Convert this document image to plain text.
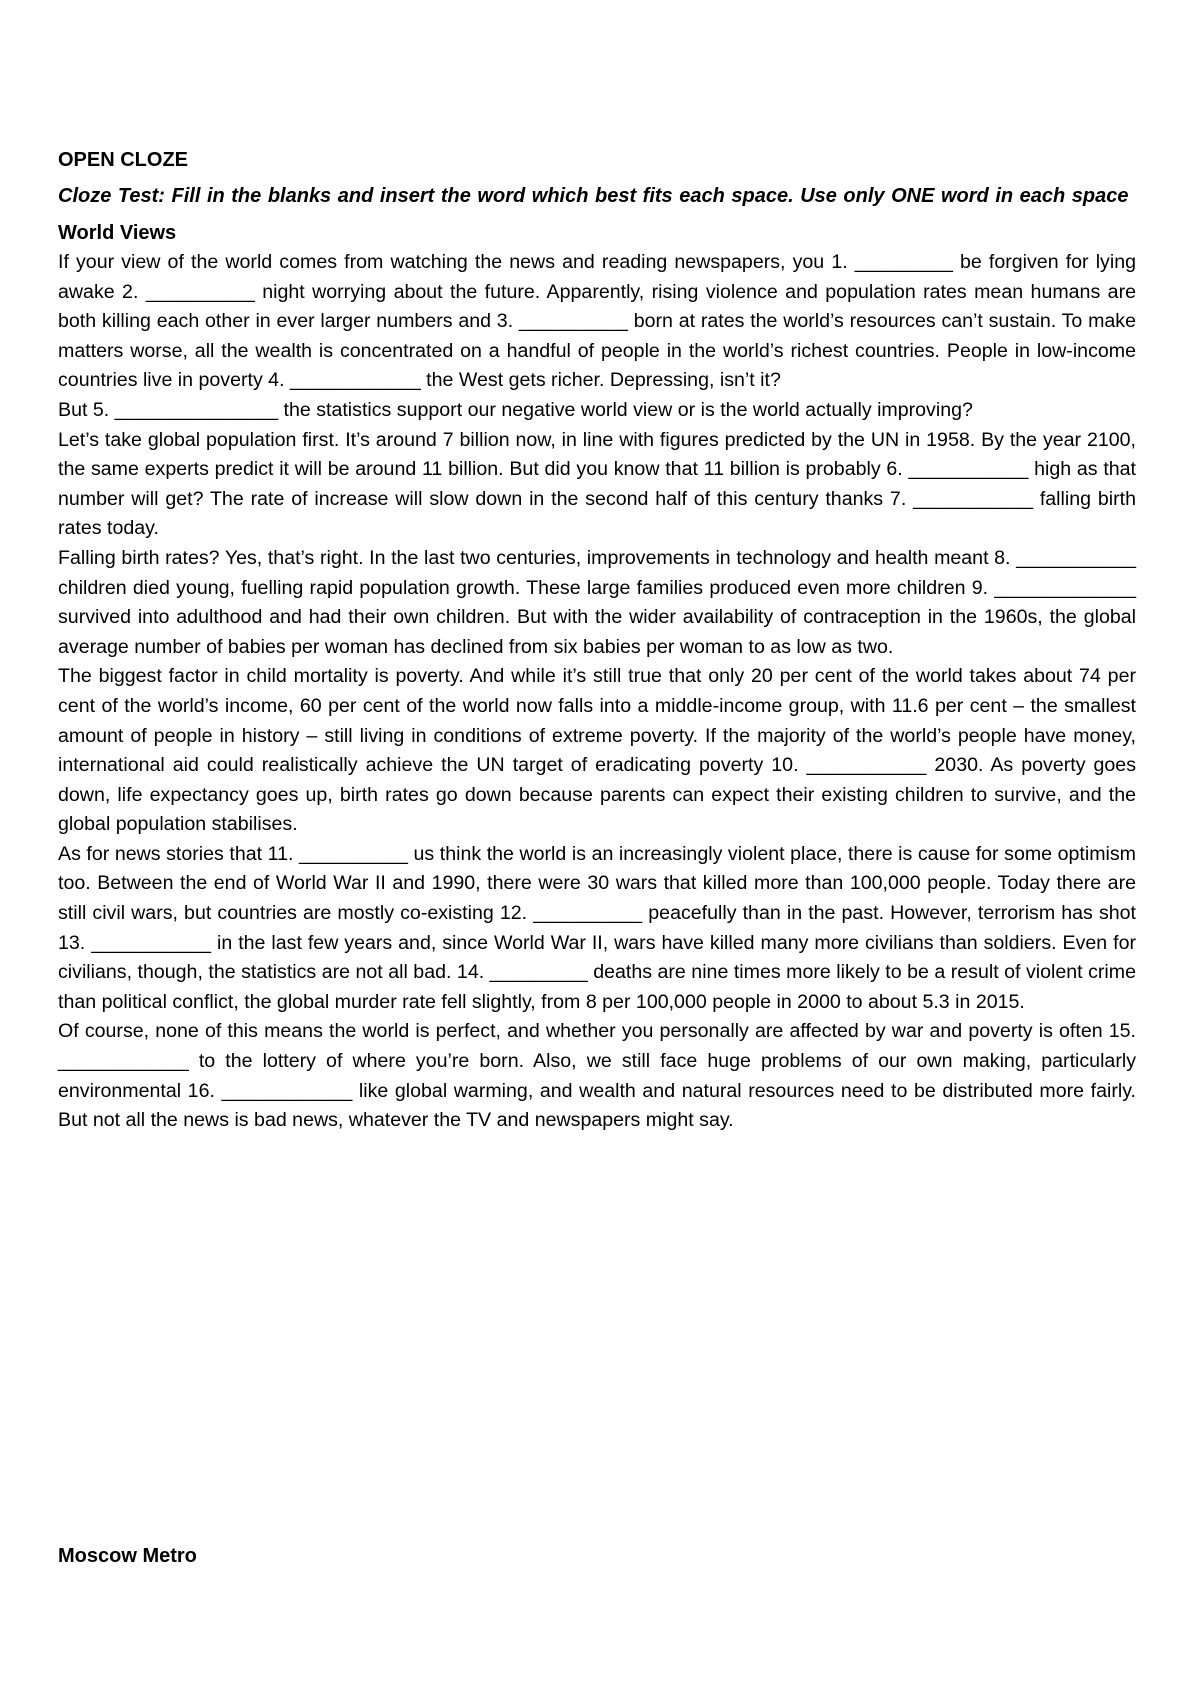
OPEN CLOZE

Cloze Test: Fill in the blanks and insert the word which best fits each space. Use only ONE word in each space

World Views

If your view of the world comes from watching the news and reading newspapers, you 1. _________ be forgiven for lying awake 2. __________ night worrying about the future. Apparently, rising violence and population rates mean humans are both killing each other in ever larger numbers and 3. __________ born at rates the world’s resources can’t sustain. To make matters worse, all the wealth is concentrated on a handful of people in the world’s richest countries. People in low-income countries live in poverty 4. ____________ the West gets richer. Depressing, isn’t it?

But 5. _______________ the statistics support our negative world view or is the world actually improving?

Let’s take global population first. It’s around 7 billion now, in line with figures predicted by the UN in 1958. By the year 2100, the same experts predict it will be around 11 billion. But did you know that 11 billion is probably 6. ___________ high as that number will get? The rate of increase will slow down in the second half of this century thanks 7. ___________ falling birth rates today.

Falling birth rates? Yes, that’s right. In the last two centuries, improvements in technology and health meant 8. ___________ children died young, fuelling rapid population growth. These large families produced even more children 9. _____________ survived into adulthood and had their own children. But with the wider availability of contraception in the 1960s, the global average number of babies per woman has declined from six babies per woman to as low as two.

The biggest factor in child mortality is poverty. And while it’s still true that only 20 per cent of the world takes about 74 per cent of the world’s income, 60 per cent of the world now falls into a middle-income group, with 11.6 per cent – the smallest amount of people in history – still living in conditions of extreme poverty. If the majority of the world’s people have money, international aid could realistically achieve the UN target of eradicating poverty 10. ___________ 2030. As poverty goes down, life expectancy goes up, birth rates go down because parents can expect their existing children to survive, and the global population stabilises.

As for news stories that 11. __________ us think the world is an increasingly violent place, there is cause for some optimism too. Between the end of World War II and 1990, there were 30 wars that killed more than 100,000 people. Today there are still civil wars, but countries are mostly co-existing 12. __________ peacefully than in the past. However, terrorism has shot 13. ___________ in the last few years and, since World War II, wars have killed many more civilians than soldiers. Even for civilians, though, the statistics are not all bad. 14. _________ deaths are nine times more likely to be a result of violent crime than political conflict, the global murder rate fell slightly, from 8 per 100,000 people in 2000 to about 5.3 in 2015.

Of course, none of this means the world is perfect, and whether you personally are affected by war and poverty is often 15. ____________ to the lottery of where you’re born. Also, we still face huge problems of our own making, particularly environmental 16. ____________ like global warming, and wealth and natural resources need to be distributed more fairly. But not all the news is bad news, whatever the TV and newspapers might say.

Moscow Metro
